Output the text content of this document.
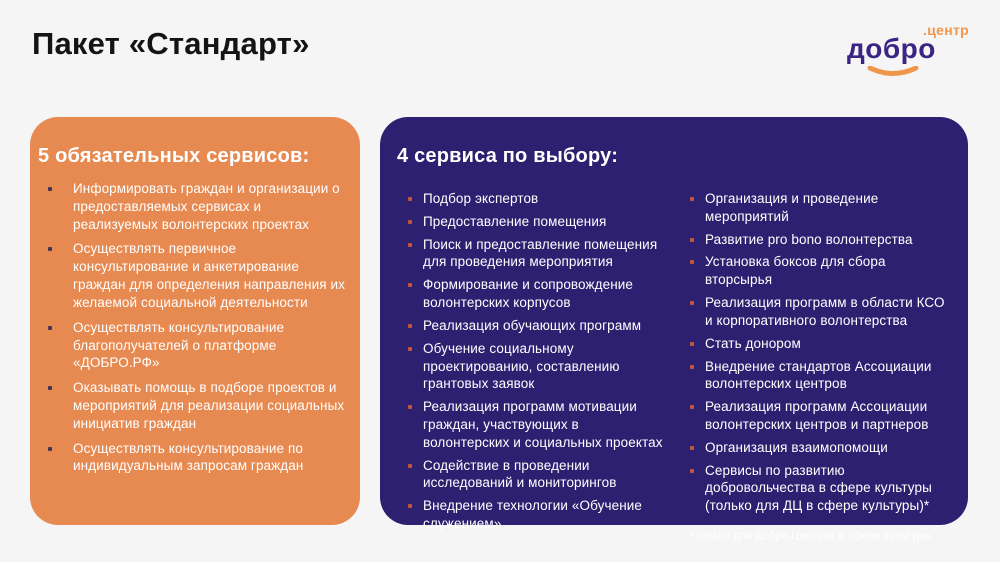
Пакет «Стандарт»	.центр
добро
5 обязательных сервисов:
Информировать граждан и организации о предоставляемых сервисах и реализуемых волонтерских проектах
Осуществлять первичное консультирование и анкетирование граждан для определения направления их желаемой социальной деятельности
Осуществлять консультирование благополучателей о платформе «ДОБРО.РФ»
Оказывать помощь в подборе проектов и мероприятий для реализации социальных инициатив граждан
Осуществлять консультирование по индивидуальным запросам граждан
4 сервиса по выбору:
Подбор экспертов
Предоставление помещения
Поиск и предоставление помещения для проведения мероприятия
Формирование и сопровождение волонтерских корпусов
Реализация обучающих программ
Обучение социальному проектированию, составлению грантовых заявок
Реализация программ мотивации граждан, участвующих в волонтерских и социальных проектах
Содействие в проведении исследований и мониторингов
Внедрение технологии «Обучение служением»
Организация и проведение мероприятий
Развитие pro bono волонтерства
Установка боксов для сбора вторсырья
Реализация программ в области КСО и корпоративного волонтерства
Стать донором
Внедрение стандартов Ассоциации волонтерских центров
Реализация программ Ассоциации волонтерских центров и партнеров
Организация взаимопомощи
Сервисы по развитию добровольчества в сфере культуры (только для ДЦ в сфере культуры)*

*Только для Добро.Центров в сфере культуры
